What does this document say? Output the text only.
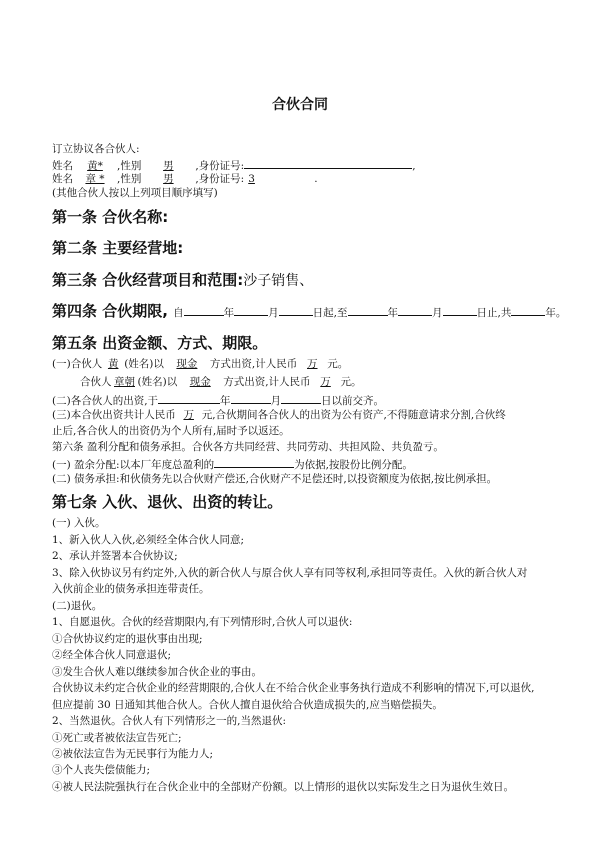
合伙合同
订立协议各合伙人:
姓名 黄* ,性别 男 ,身份证号:	,
姓名 章 * ,性别 男 ,身份证号: 3	.
(其他合伙人按以上列项目顺序填写)
第一条 合伙名称:
第二条 主要经营地:
第三条 合伙经营项目和范围:沙子销售、
第四条 合伙期限, 自	年	月	日起,至	年	月	日止,共	年。
第五条 出资金额、方式、期限。
(一)合伙人 黄 (姓名)以 现金 方式出资,计人民币 万 元。
合伙人 章朝 (姓名)以 现金 方式出资,计人民币 万 元。
(二)各合伙人的出资,于	年	月	日以前交齐。
(三)本合伙出资共计人民币 万 元,合伙期间各合伙人的出资为公有资产,不得随意请求分割,合伙终
止后,各合伙人的出资仍为个人所有,届时予以返还。
第六条 盈利分配和债务承担。合伙各方共同经营、共同劳动、共担风险、共负盈亏。
(一) 盈余分配:以本厂年度总盈利的	为依据,按股份比例分配。
(二) 债务承担:和伙债务先以合伙财产偿还,合伙财产不足偿还时,以投资额度为依据,按比例承担。
第七条 入伙、退伙、出资的转让。
(一) 入伙。
1、新入伙人入伙,必须经全体合伙人同意;
2、承认并签署本合伙协议;
3、除入伙协议另有约定外,入伙的新合伙人与原合伙人享有同等权利,承担同等责任。入伙的新合伙人对
入伙前企业的债务承担连带责任。
(二)退伙。
1、自愿退伙。合伙的经营期限内,有下列情形时,合伙人可以退伙:
①合伙协议约定的退伙事由出现;
②经全体合伙人同意退伙;
③发生合伙人难以继续参加合伙企业的事由。
合伙协议未约定合伙企业的经营期限的,合伙人在不给合伙企业事务执行造成不利影响的情况下,可以退伙,
但应提前 30 日通知其他合伙人。合伙人擅自退伙给合伙造成损失的,应当赔偿损失。
2、当然退伙。合伙人有下列情形之一的,当然退伙:
①死亡或者被依法宣告死亡;
②被依法宣告为无民事行为能力人;
③个人丧失偿债能力;
④被人民法院强执行在合伙企业中的全部财产份额。以上情形的退伙以实际发生之日为退伙生效日。
